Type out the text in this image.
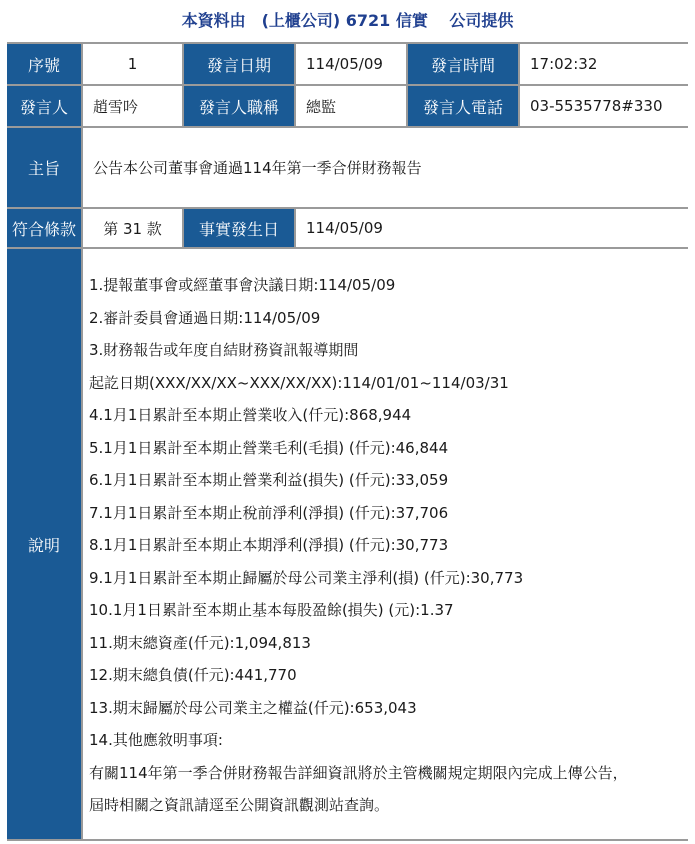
本資料由　(上櫃公司) 6721 信實　 公司提供
序號	1	發言日期	114/05/09	發言時間	17:02:32
發言人	趙雪吟	發言人職稱	總監	發言人電話	03-5535778#330
主旨	公告本公司董事會通過114年第一季合併財務報告
符合條款	第 31 款	事實發生日	114/05/09
說明
1.提報董事會或經董事會決議日期:114/05/09
2.審計委員會通過日期:114/05/09
3.財務報告或年度自結財務資訊報導期間
起訖日期(XXX/XX/XX~XXX/XX/XX):114/01/01~114/03/31
4.1月1日累計至本期止營業收入(仟元):868,944
5.1月1日累計至本期止營業毛利(毛損) (仟元):46,844
6.1月1日累計至本期止營業利益(損失) (仟元):33,059
7.1月1日累計至本期止稅前淨利(淨損) (仟元):37,706
8.1月1日累計至本期止本期淨利(淨損) (仟元):30,773
9.1月1日累計至本期止歸屬於母公司業主淨利(損) (仟元):30,773
10.1月1日累計至本期止基本每股盈餘(損失) (元):1.37
11.期末總資產(仟元):1,094,813
12.期末總負債(仟元):441,770
13.期末歸屬於母公司業主之權益(仟元):653,043
14.其他應敘明事項:
有關114年第一季合併財務報告詳細資訊將於主管機關規定期限內完成上傳公告，
屆時相關之資訊請逕至公開資訊觀測站查詢。
